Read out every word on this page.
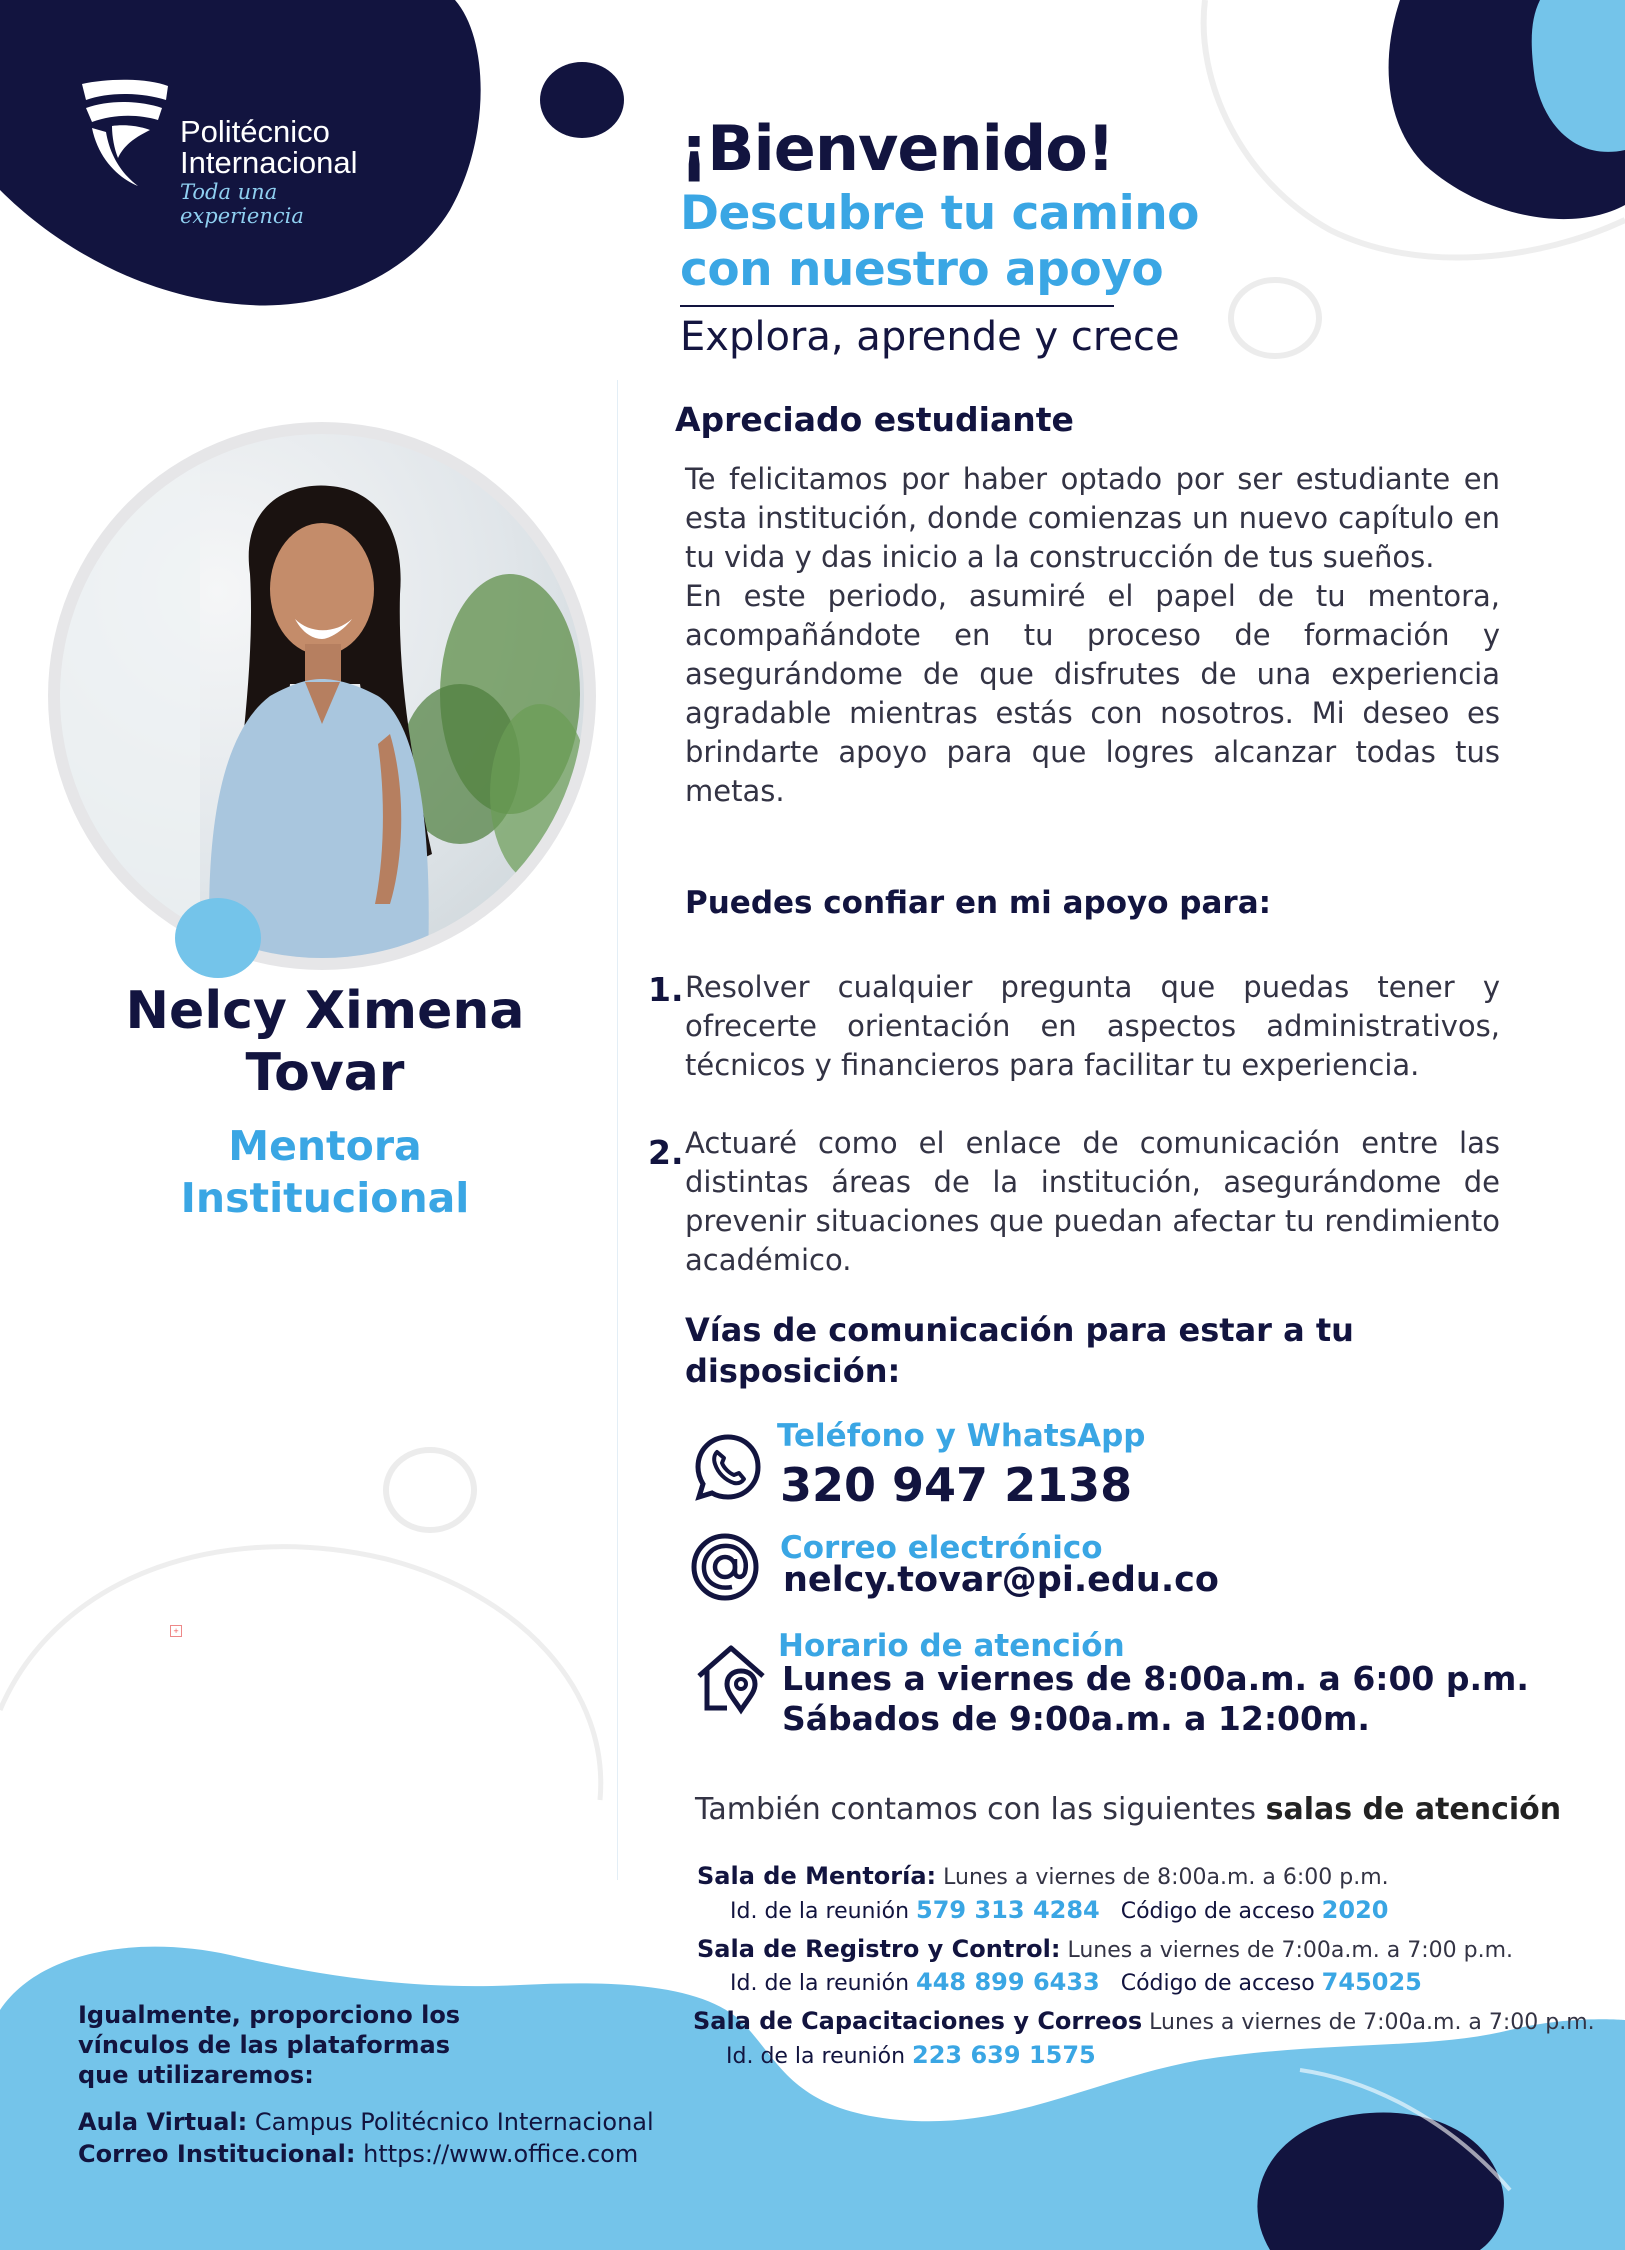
Politécnico
Internacional
Toda una experiencia
¡Bienvenido!
Descubre tu camino
con nuestro apoyo
Explora, aprende y crece
Nelcy Ximena
Tovar
Mentora
Institucional
Apreciado estudiante

Te felicitamos por haber optado por ser estudiante en esta institución, donde comienzas un nuevo capítulo en tu vida y das inicio a la construcción de tus sueños.

En este periodo, asumiré el papel de tu mentora, acompañándote en tu proceso de formación y asegurándome de que disfrutes de una experiencia agradable mientras estás con nosotros. Mi deseo es brindarte apoyo para que logres alcanzar todas tus metas.

Puedes confiar en mi apoyo para:
1. Resolver cualquier pregunta que puedas tener y ofrecerte orientación en aspectos administrativos, técnicos y financieros para facilitar tu experiencia.
2. Actuaré como el enlace de comunicación entre las distintas áreas de la institución, asegurándome de prevenir situaciones que puedan afectar tu rendimiento académico.
Vías de comunicación para estar a tu disposición:
Teléfono y WhatsApp
320 947 2138
Correo electrónico
nelcy.tovar@pi.edu.co
Horario de atención
Lunes a viernes de 8:00a.m. a 6:00 p.m.
Sábados de 9:00a.m. a 12:00m.
También contamos con las siguientes salas de atención
Sala de Mentoría: Lunes a viernes de 8:00a.m. a 6:00 p.m.
Id. de la reunión 579 313 4284 Código de acceso 2020
Sala de Registro y Control: Lunes a viernes de 7:00a.m. a 7:00 p.m.
Id. de la reunión 448 899 6433 Código de acceso 745025
Sala de Capacitaciones y Correos Lunes a viernes de 7:00a.m. a 7:00 p.m.
Id. de la reunión 223 639 1575
Igualmente, proporciono los vínculos de las plataformas que utilizaremos:
Aula Virtual: Campus Politécnico Internacional
Correo Institucional: https://www.office.com
+
